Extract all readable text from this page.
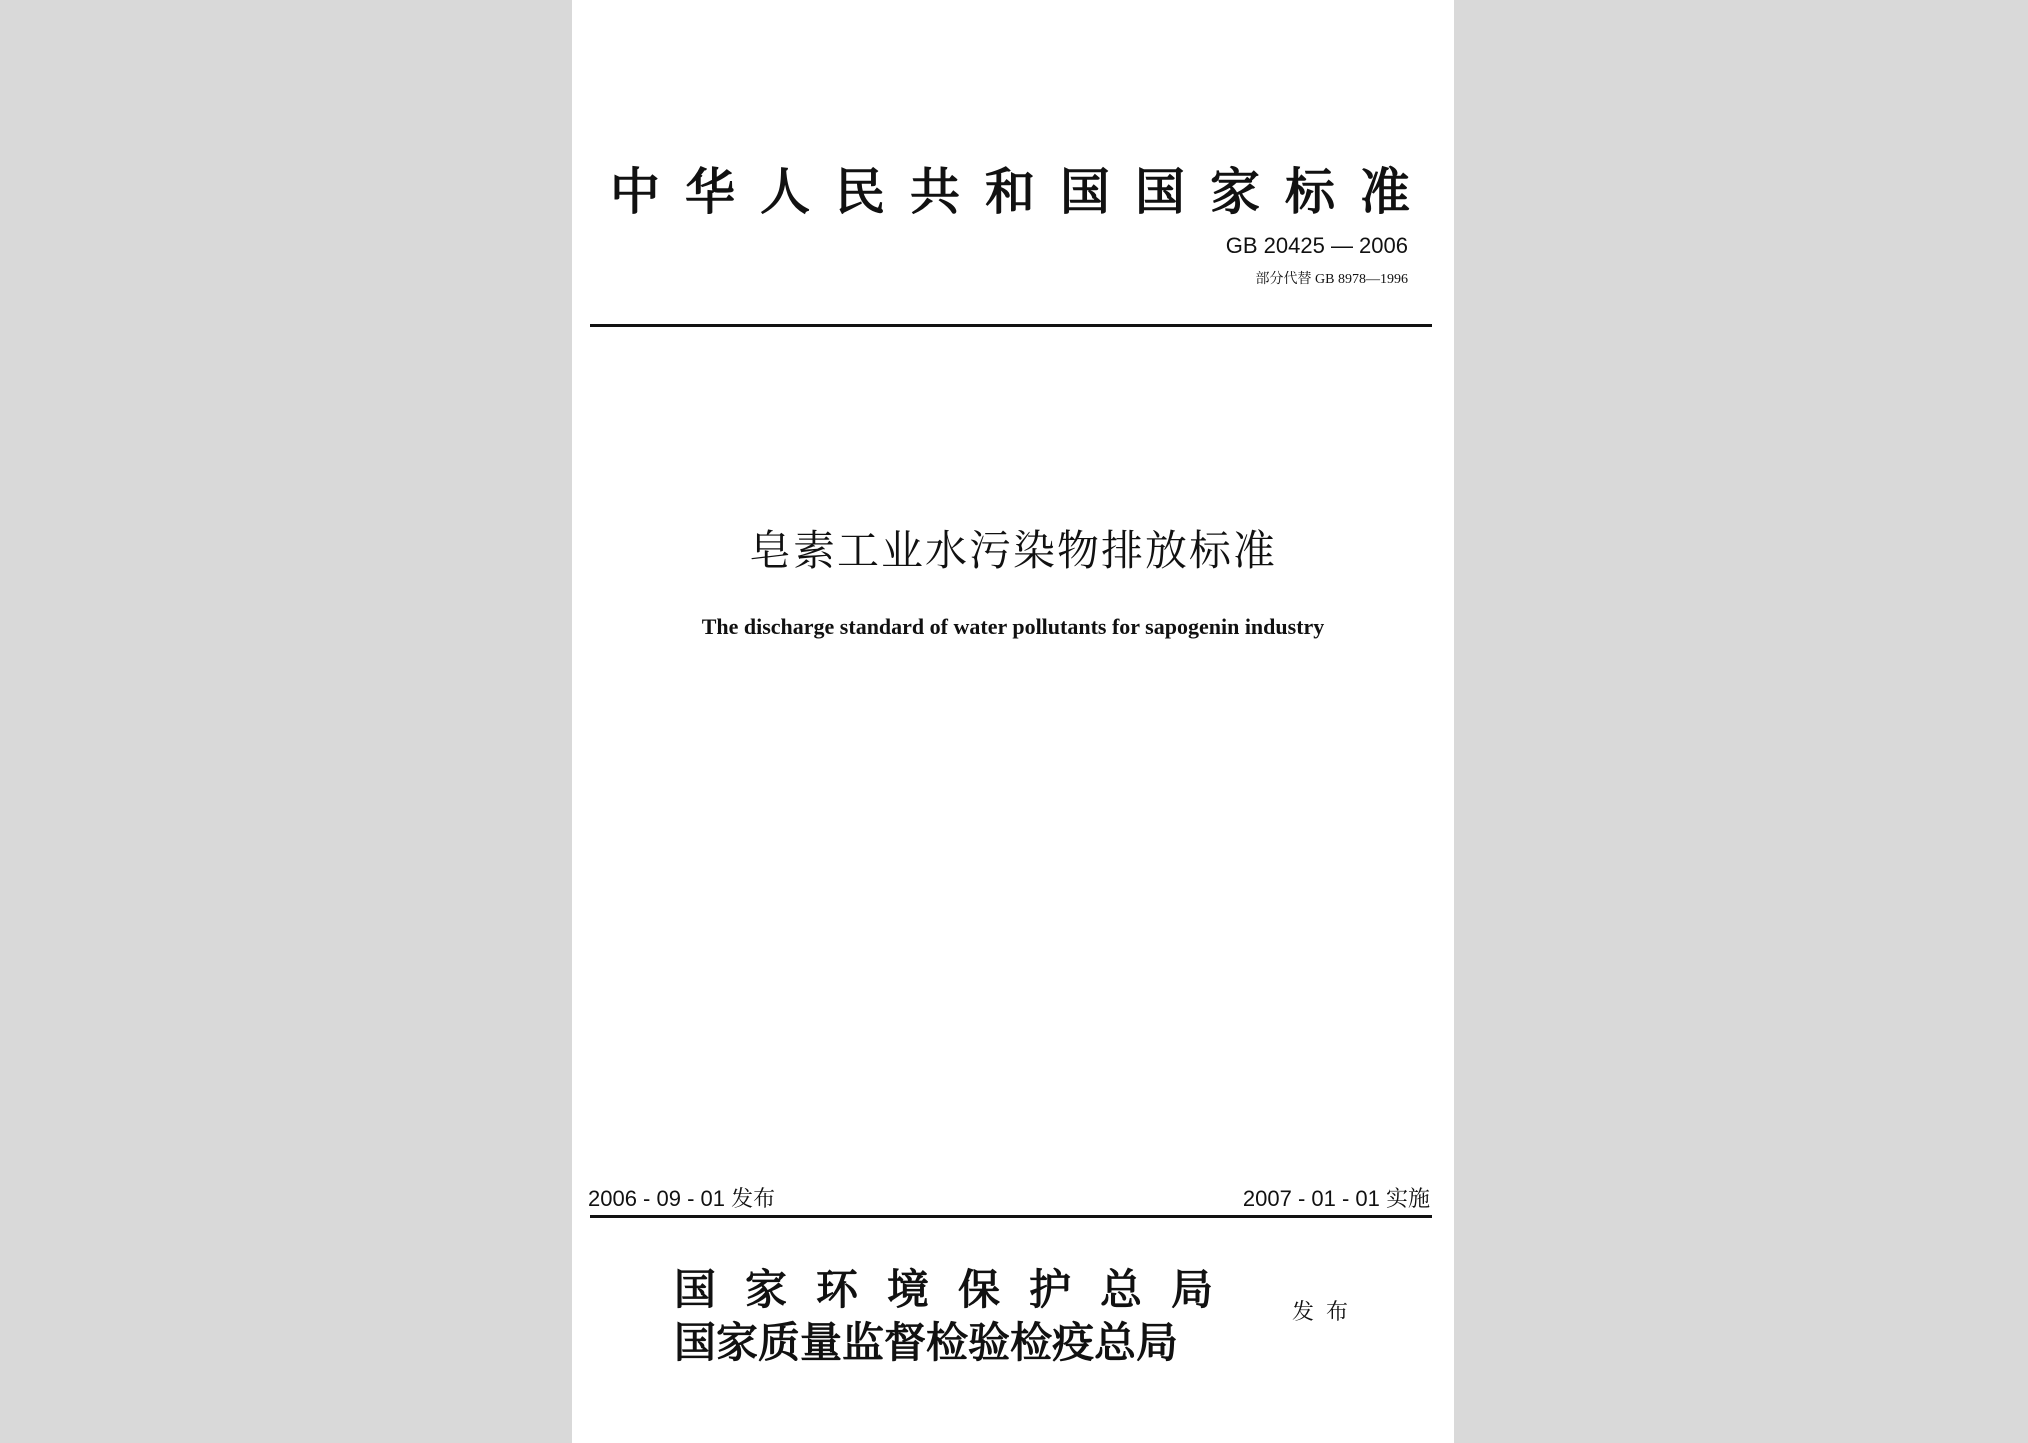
中华人民共和国国家标准
GB 20425 — 2006
部分代替 GB 8978—1996
皂素工业水污染物排放标准
The discharge standard of water pollutants for sapogenin industry
2006 - 09 - 01 发布	2007 - 01 - 01 实施
国家环境保护总局
国家质量监督检验检疫总局
发布
